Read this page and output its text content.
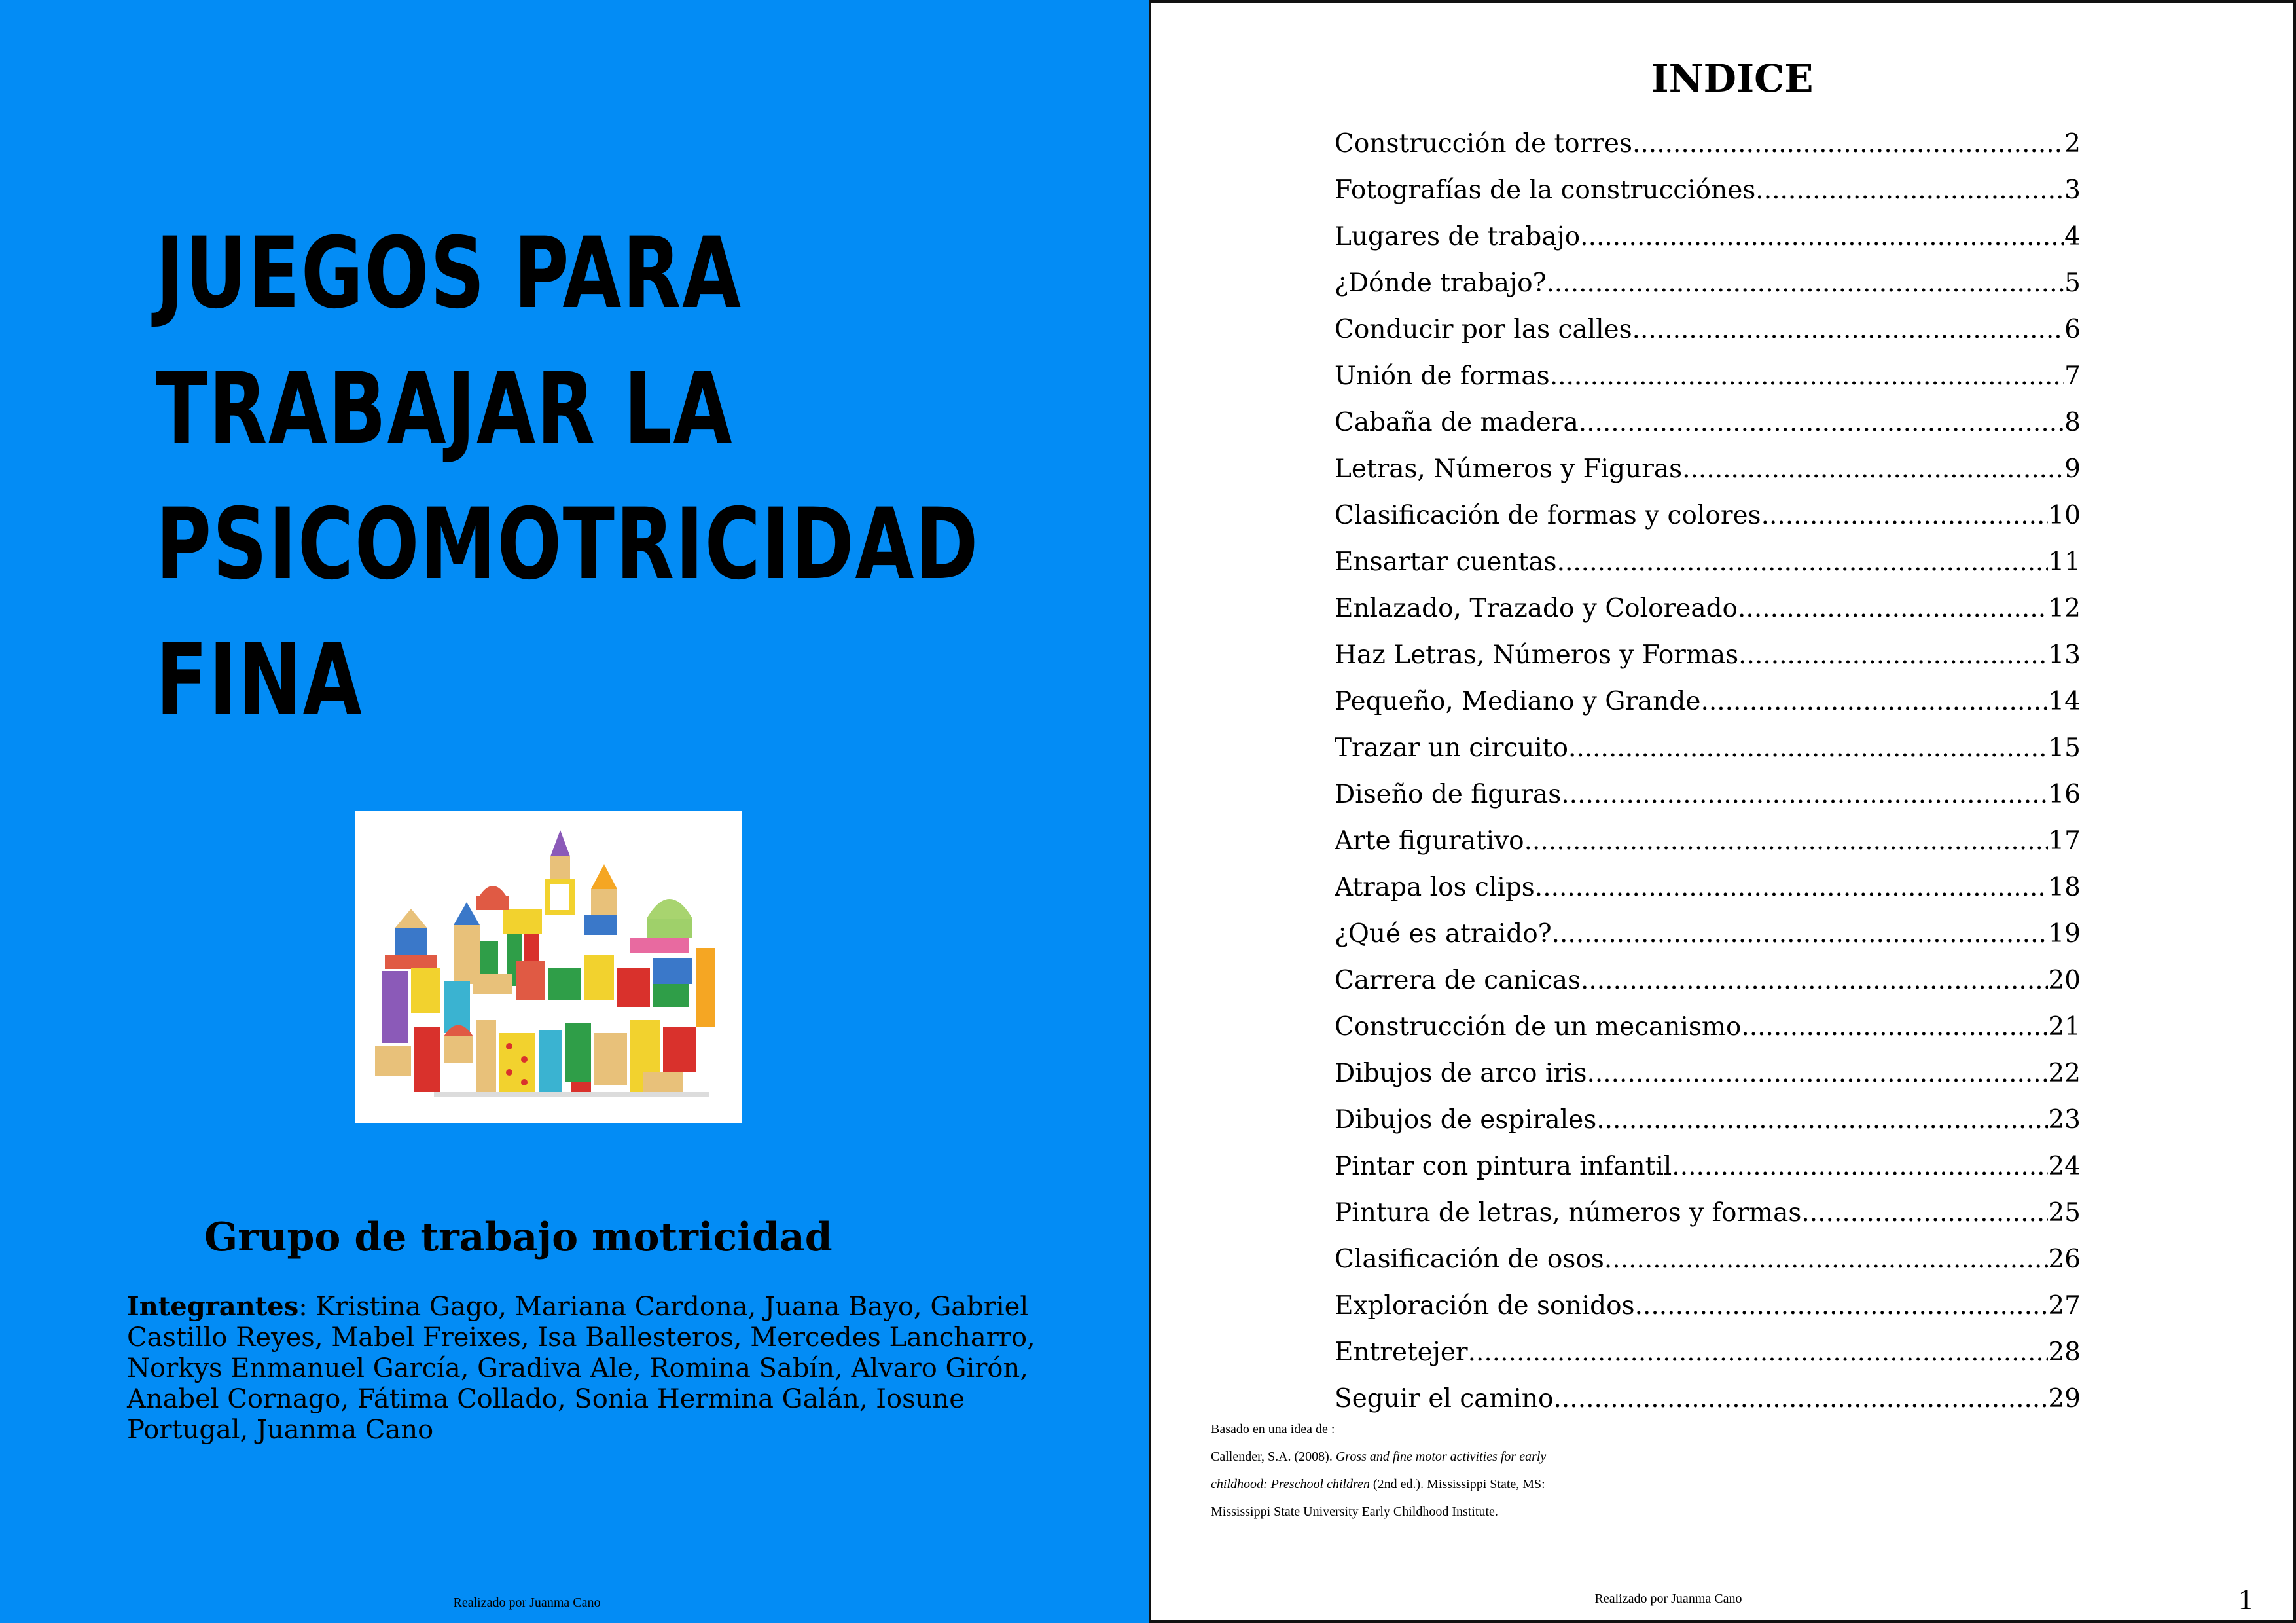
JUEGOS PARA
TRABAJAR LA
PSICOMOTRICIDAD
FINA
Grupo de trabajo motricidad

Integrantes: Kristina Gago, Mariana Cardona, Juana Bayo, Gabriel Castillo Reyes, Mabel Freixes, Isa Ballesteros, Mercedes Lancharro, Norkys Enmanuel García, Gradiva Ale, Romina Sabín, Alvaro Girón, Anabel Cornago, Fátima Collado, Sonia Hermina Galán, Iosune Portugal, Juanma Cano

Realizado por Juanma Cano
INDICE
Construcción de torres .....	2
Fotografías de la construcciónes .....	3
Lugares de trabajo .....	4
¿Dónde trabajo? .....	5
Conducir por las calles .....	6
Unión de formas .....	7
Cabaña de madera .....	8
Letras, Números y Figuras .....	9
Clasificación de formas y colores .....	10
Ensartar cuentas .....	11
Enlazado, Trazado y Coloreado .....	12
Haz Letras, Números y Formas .....	13
Pequeño, Mediano y Grande .....	14
Trazar un circuito .....	15
Diseño de figuras .....	16
Arte figurativo .....	17
Atrapa los clips .....	18
¿Qué es atraido? .....	19
Carrera de canicas .....	20
Construcción de un mecanismo .....	21
Dibujos de arco iris .....	22
Dibujos de espirales .....	23
Pintar con pintura infantil .....	24
Pintura de letras, números y formas .....	25
Clasificación de osos .....	26
Exploración de sonidos .....	27
Entretejer .....	28
Seguir el camino .....	29

Basado en una idea de :

Callender, S.A. (2008). Gross and fine motor activities for early

childhood: Preschool children (2nd ed.). Mississippi State, MS:

Mississippi State University Early Childhood Institute.

Realizado por Juanma Cano	1
